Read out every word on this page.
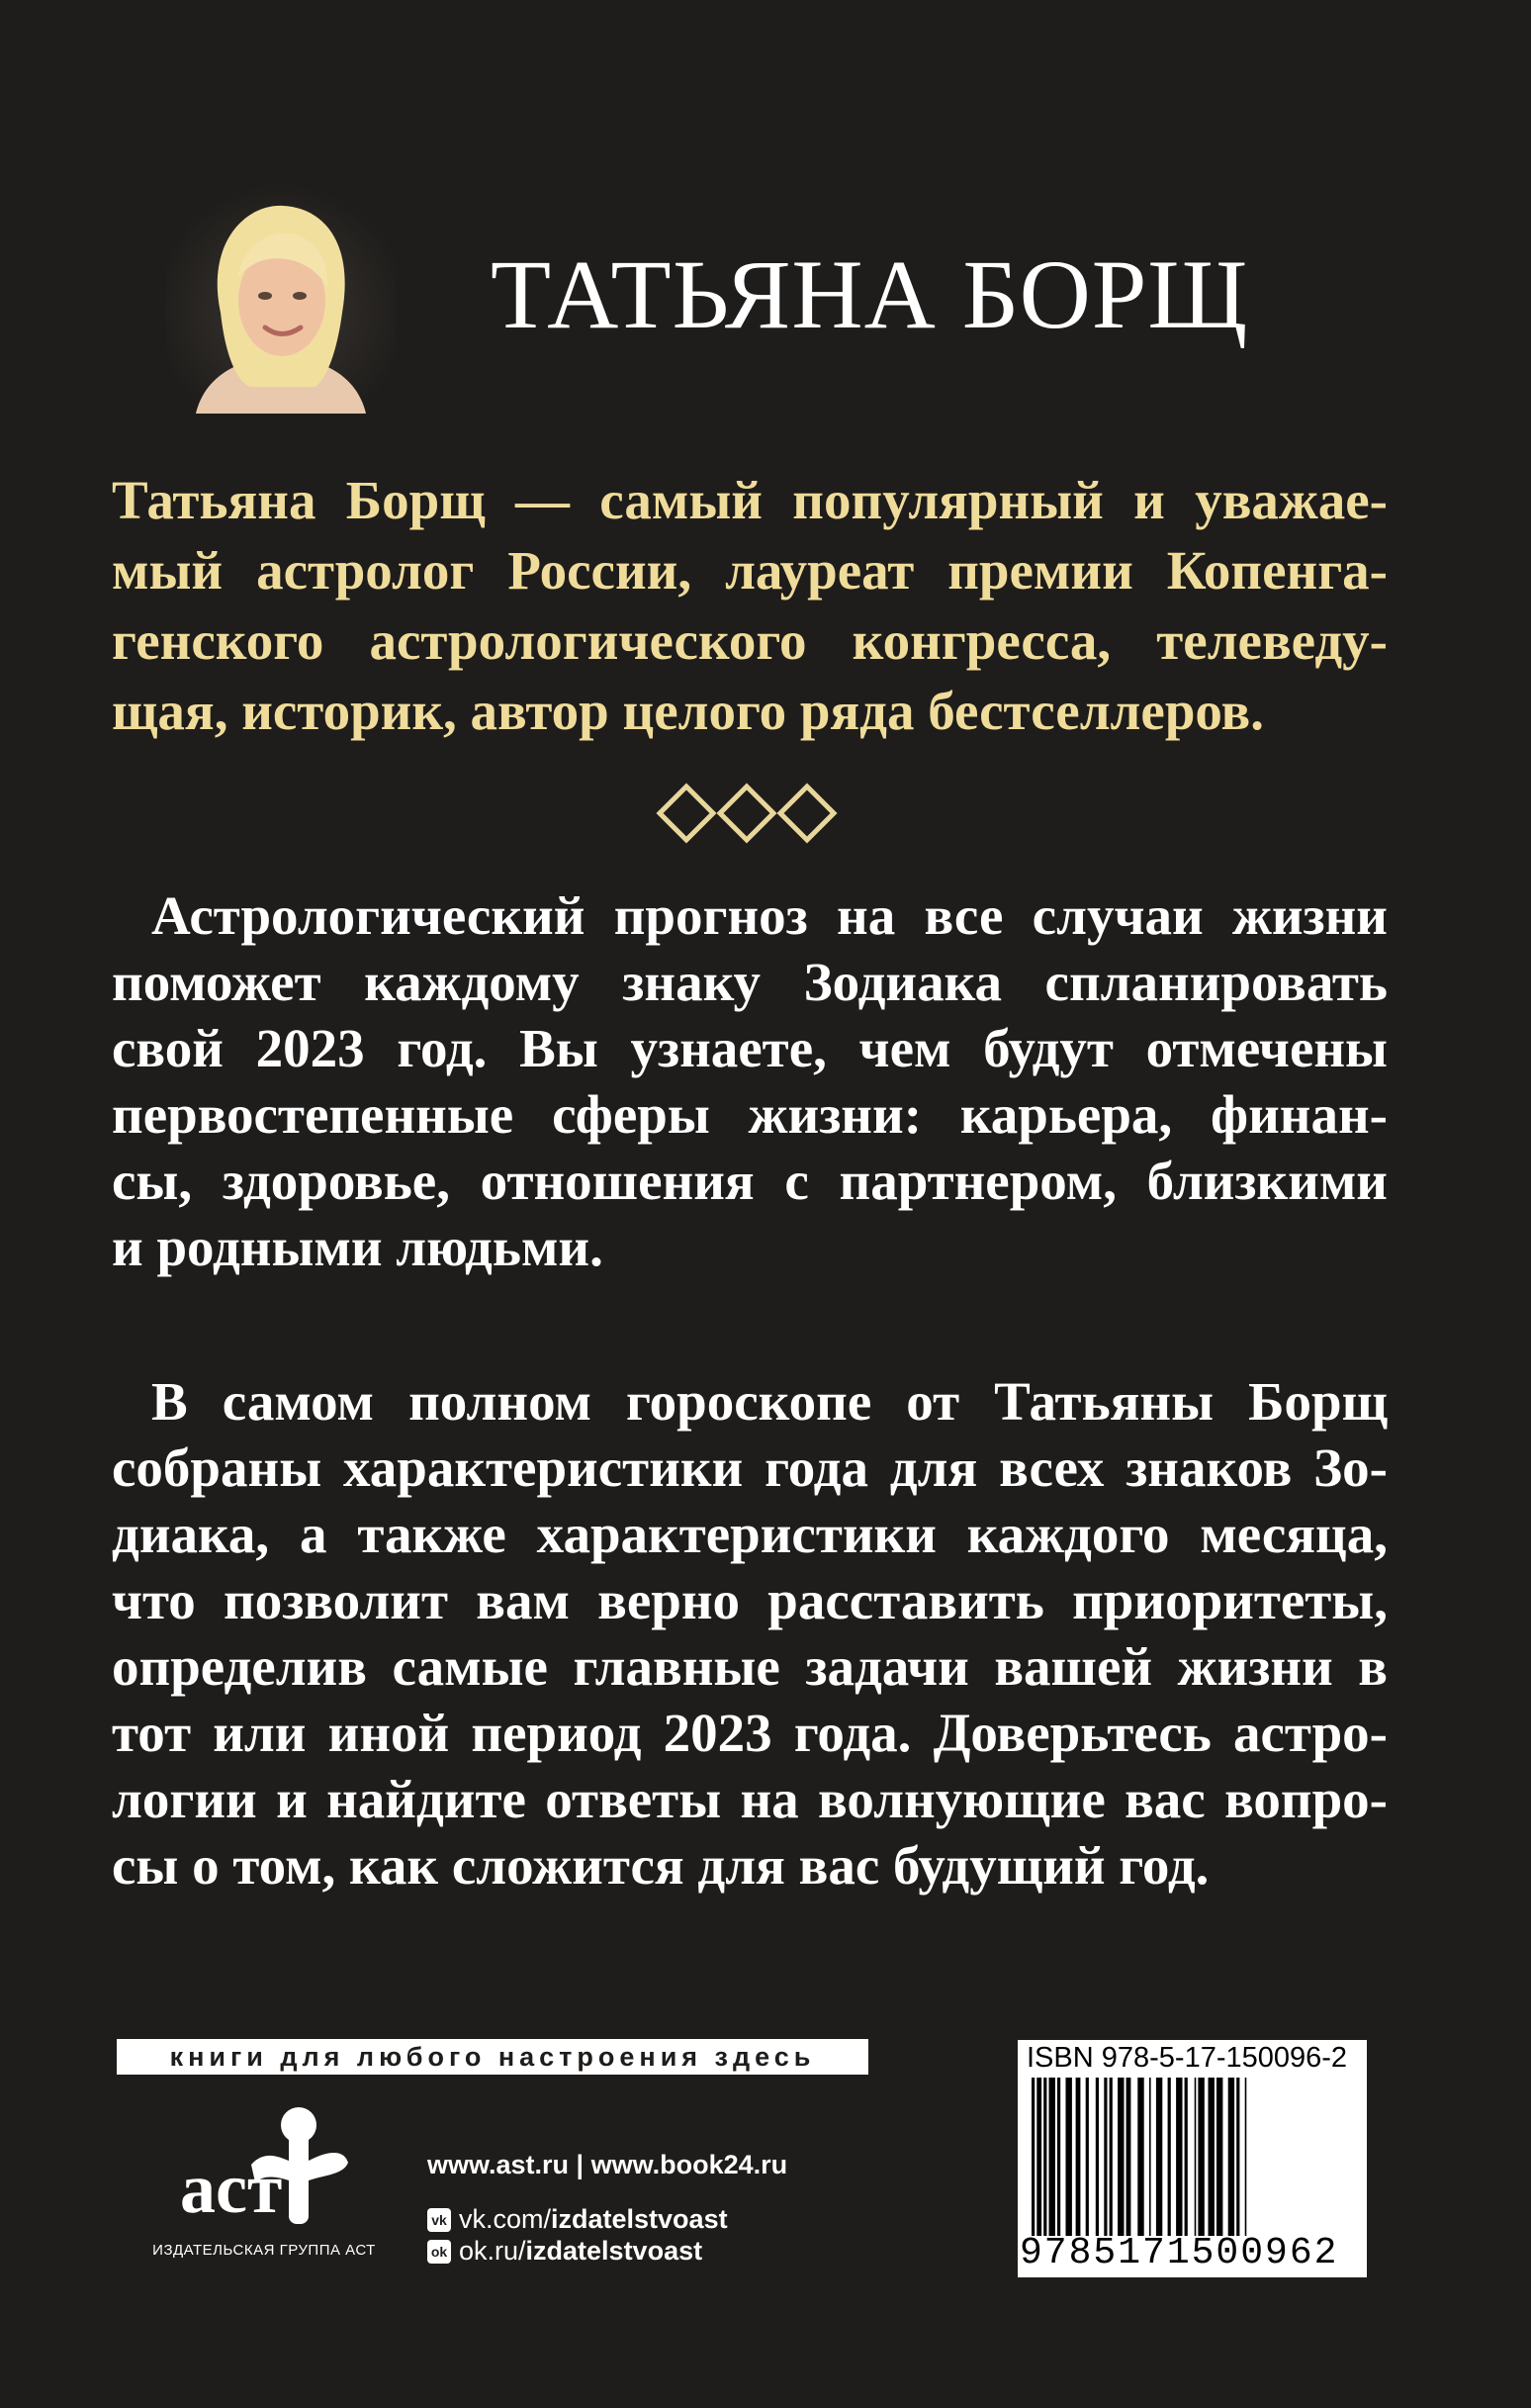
ТАТЬЯНА БОРЩ
Татьяна Борщ — самый популярный и уважае-
мый астролог России, лауреат премии Копенга-
генского астрологического конгресса, телеведу-
щая, историк, автор целого ряда бестселлеров.
Астрологический прогноз на все случаи жизни
поможет каждому знаку Зодиака спланировать
свой 2023 год. Вы узнаете, чем будут отмечены
первостепенные сферы жизни: карьера, финан-
сы, здоровье, отношения с партнером, близкими
и родными людьми.
В самом полном гороскопе от Татьяны Борщ
собраны характеристики года для всех знаков Зо-
диака, а также характеристики каждого месяца,
что позволит вам верно расставить приоритеты,
определив самые главные задачи вашей жизни в
тот или иной период 2023 года. Доверьтесь астро-
логии и найдите ответы на волнующие вас вопро-
сы о том, как сложится для вас будущий год.
книги для любого настроения здесь
аст
ИЗДАТЕЛЬСКАЯ ГРУППА АСТ
www.ast.ru | www.book24.ru
vk vk.com/izdatelstvoast
ok ok.ru/izdatelstvoast
ISBN 978-5-17-150096-2
9785171500962
